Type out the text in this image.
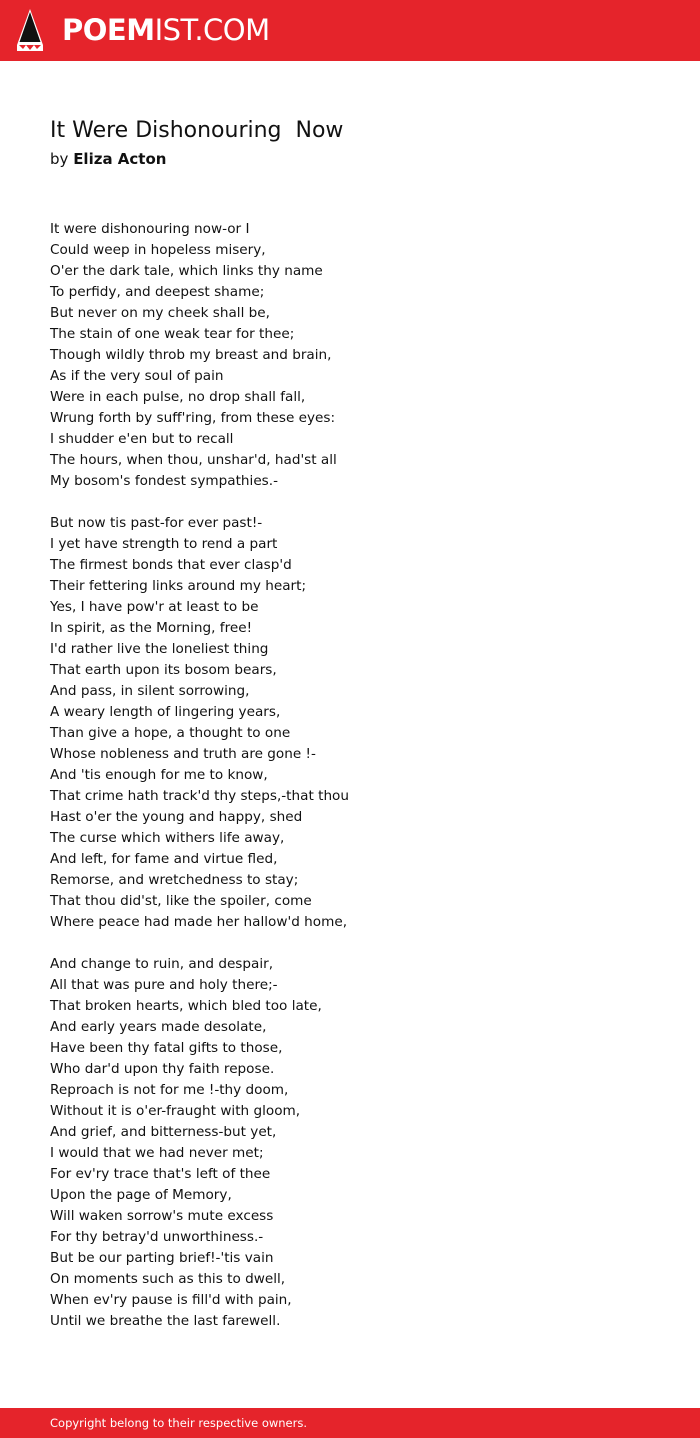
POEMIST.COM
It Were Dishonouring  Now
by Eliza Acton
It were dishonouring now-or I
Could weep in hopeless misery,
O'er the dark tale, which links thy name
To perfidy, and deepest shame;
But never on my cheek shall be,
The stain of one weak tear for thee;
Though wildly throb my breast and brain,
As if the very soul of pain
Were in each pulse, no drop shall fall,
Wrung forth by suff'ring, from these eyes:
I shudder e'en but to recall
The hours, when thou, unshar'd, had'st all
My bosom's fondest sympathies.-
But now tis past-for ever past!-
I yet have strength to rend a part
The firmest bonds that ever clasp'd
Their fettering links around my heart;
Yes, I have pow'r at least to be
In spirit, as the Morning, free!
I'd rather live the loneliest thing
That earth upon its bosom bears,
And pass, in silent sorrowing,
A weary length of lingering years,
Than give a hope, a thought to one
Whose nobleness and truth are gone !-
And 'tis enough for me to know,
That crime hath track'd thy steps,-that thou
Hast o'er the young and happy, shed
The curse which withers life away,
And left, for fame and virtue fled,
Remorse, and wretchedness to stay;
That thou did'st, like the spoiler, come
Where peace had made her hallow'd home,
And change to ruin, and despair,
All that was pure and holy there;-
That broken hearts, which bled too late,
And early years made desolate,
Have been thy fatal gifts to those,
Who dar'd upon thy faith repose.
Reproach is not for me !-thy doom,
Without it is o'er-fraught with gloom,
And grief, and bitterness-but yet,
I would that we had never met;
For ev'ry trace that's left of thee
Upon the page of Memory,
Will waken sorrow's mute excess
For thy betray'd unworthiness.-
But be our parting brief!-'tis vain
On moments such as this to dwell,
When ev'ry pause is fill'd with pain,
Until we breathe the last farewell.
Copyright belong to their respective owners.
